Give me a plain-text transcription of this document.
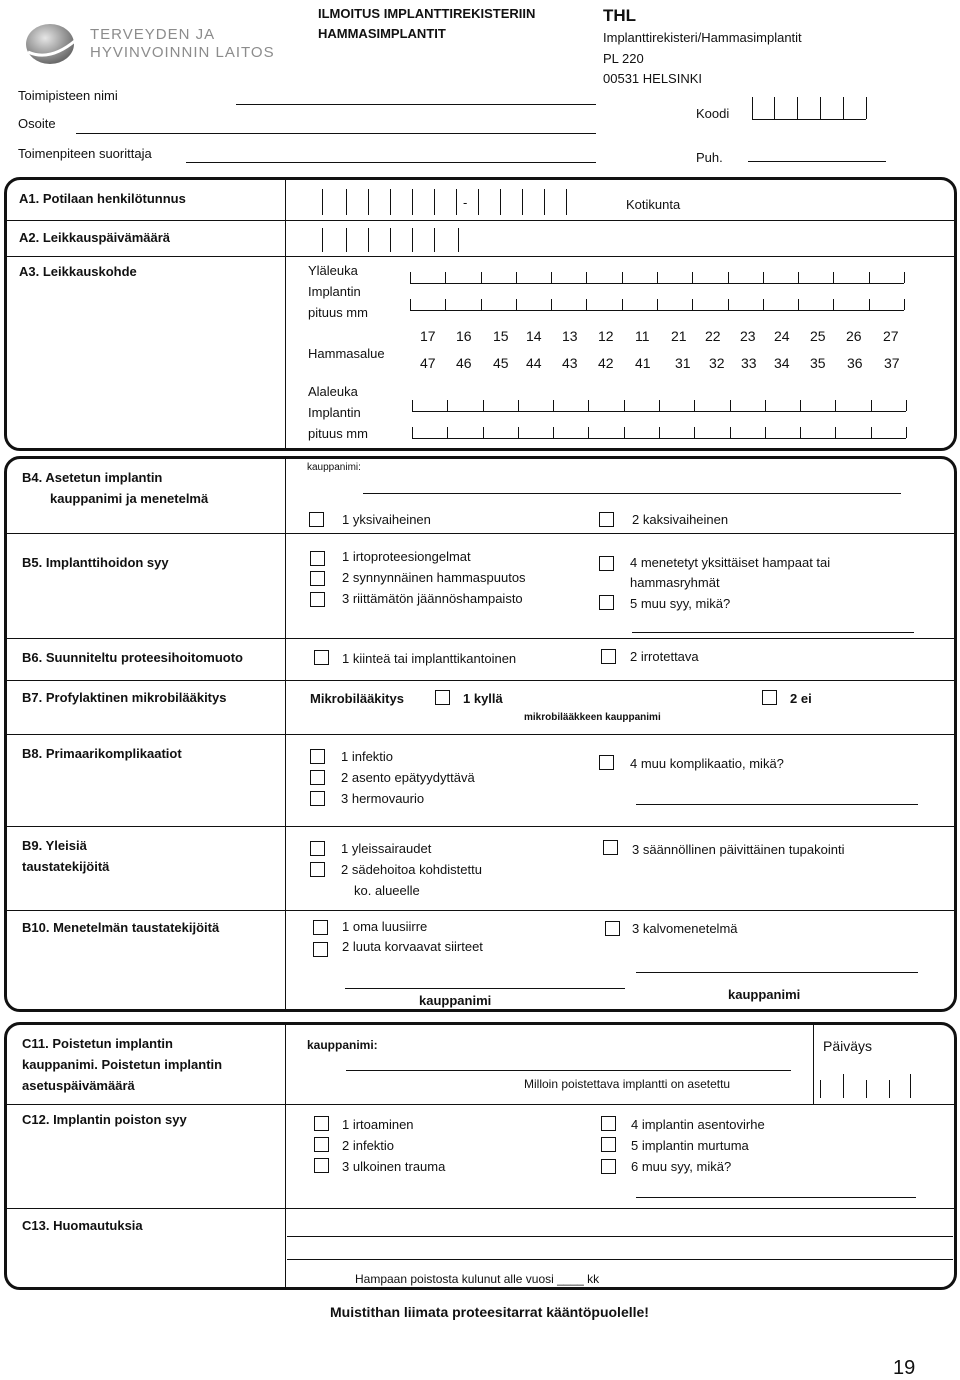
TERVEYDEN JA
HYVINVOINNIN LAITOS
ILMOITUS IMPLANTTIREKISTERIIN
HAMMASIMPLANTIT
THL
Implanttirekisteri/Hammasimplantit
PL 220
00531 HELSINKI
Toimipisteen nimi
Osoite
Toimenpiteen suorittaja
Koodi
Puh.
A1. Potilaan henkilötunnus	-	Kotikunta
A2. Leikkauspäivämäärä
A3. Leikkauskohde	Yläleuka
Implantin
pituus mm
Hammasalue
17 16 15 14 13 12 11 21 22 23 24 25 26 27
47 46 45 44 43 42 41 31 32 33 34 35 36 37
Alaleuka
Implantin
pituus mm
B4. Asetetun implantin
kauppanimi ja menetelmä
kauppanimi:
1 yksivaiheinen	2 kaksivaiheinen
B5. Implanttihoidon syy	1 irtoproteesiongelmat
2 synnynnäinen hammaspuutos
3 riittämätön jäännöshampaisto
4 menetetyt yksittäiset hampaat tai
hammasryhmät
5 muu syy, mikä?
B6. Suunniteltu proteesihoitomuoto	1 kiinteä tai implanttikantoinen	2 irrotettava
B7. Profylaktinen mikrobilääkitys	Mikrobilääkitys	1 kyllä	2 ei
mikrobilääkkeen kauppanimi
B8. Primaarikomplikaatiot	1 infektio
2 asento epätyydyttävä
3 hermovaurio
4 muu komplikaatio, mikä?
B9. Yleisiä
taustatekijöitä
1 yleissairaudet
2 sädehoitoa kohdistettu
ko. alueelle
3 säännöllinen päivittäinen tupakointi
B10. Menetelmän taustatekijöitä	1 oma luusiirre
2 luuta korvaavat siirteet
3 kalvomenetelmä
kauppanimi	kauppanimi
C11. Poistetun implantin
kauppanimi. Poistetun implantin
asetuspäivämäärä
kauppanimi:
Milloin poistettava implantti on asetettu
Päiväys
C12. Implantin poiston syy	1 irtoaminen
2 infektio
3 ulkoinen trauma
4 implantin asentovirhe
5 implantin murtuma
6 muu syy, mikä?
C13. Huomautuksia
Hampaan poistosta kulunut alle vuosi ____ kk
Muistithan liimata proteesitarrat kääntöpuolelle!
19
